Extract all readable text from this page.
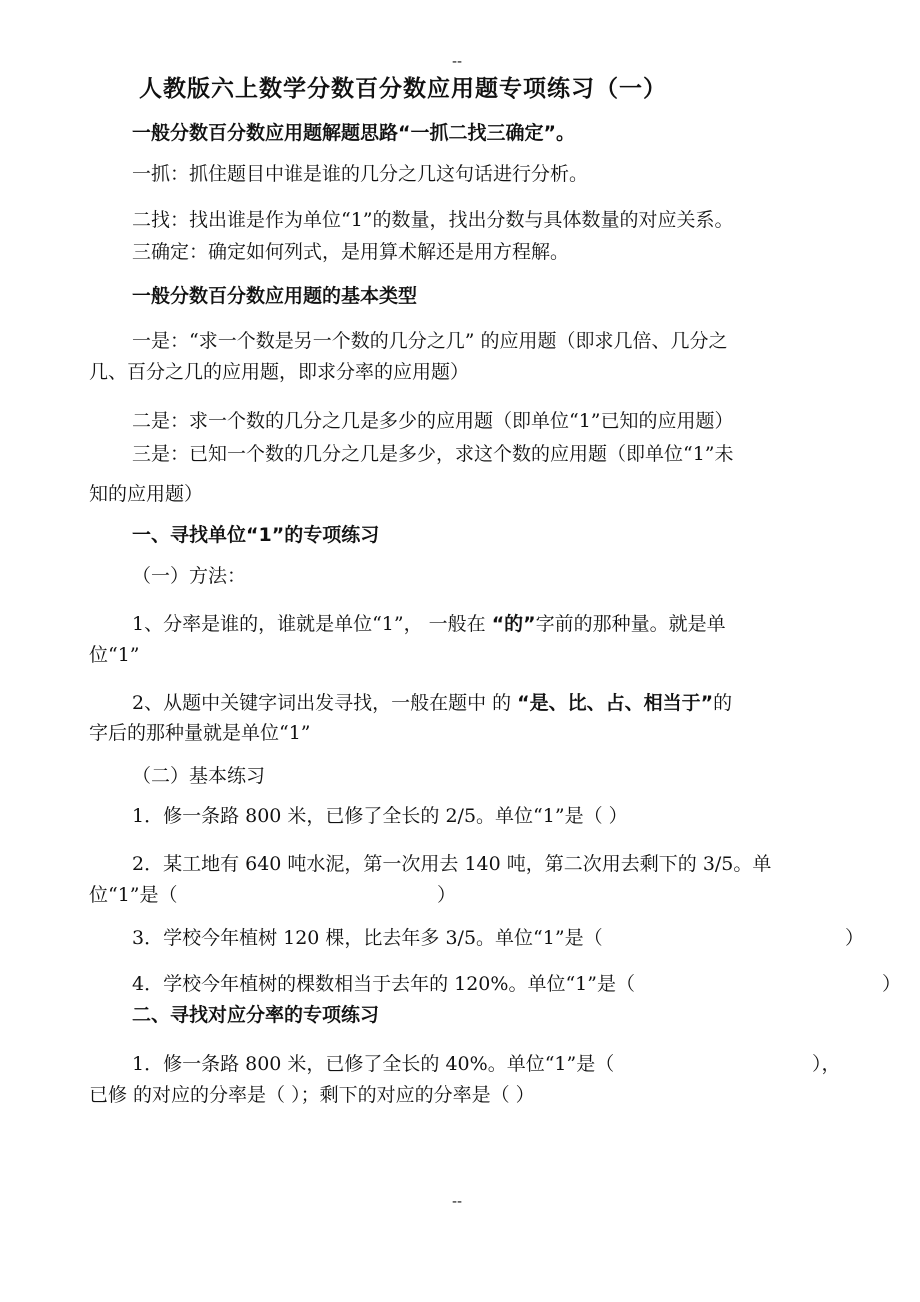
--
人教版六上数学分数百分数应用题专项练习（一）
一般分数百分数应用题解题思路“一抓二找三确定”。
一抓：抓住题目中谁是谁的几分之几这句话进行分析。
二找：找出谁是作为单位“1”的数量，找出分数与具体数量的对应关系。
三确定：确定如何列式，是用算术解还是用方程解。
一般分数百分数应用题的基本类型
一是：“求一个数是另一个数的几分之几” 的应用题（即求几倍、几分之
几、百分之几的应用题，即求分率的应用题）
二是：求一个数的几分之几是多少的应用题（即单位“1”已知的应用题）
三是：已知一个数的几分之几是多少，求这个数的应用题（即单位“1”未
知的应用题）
一、寻找单位“1”的专项练习
（一）方法：
1、分率是谁的，谁就是单位“1”， 一般在 “的”字前的那种量。就是单
位“1”
2、从题中关键字词出发寻找，一般在题中 的 “是、比、占、相当于”的
字后的那种量就是单位“1”
（二）基本练习
1．修一条路 800 米，已修了全长的 2/5。单位“1”是（ ）
2．某工地有 640 吨水泥，第一次用去 140 吨，第二次用去剩下的 3/5。单
位“1”是（	）
3．学校今年植树 120 棵，比去年多 3/5。单位“1”是（	）
4．学校今年植树的棵数相当于去年的 120%。单位“1”是（	）
二、寻找对应分率的专项练习
1．修一条路 800 米，已修了全长的 40%。单位“1”是（	），
已修 的对应的分率是（ ）；剩下的对应的分率是（ ）
--
